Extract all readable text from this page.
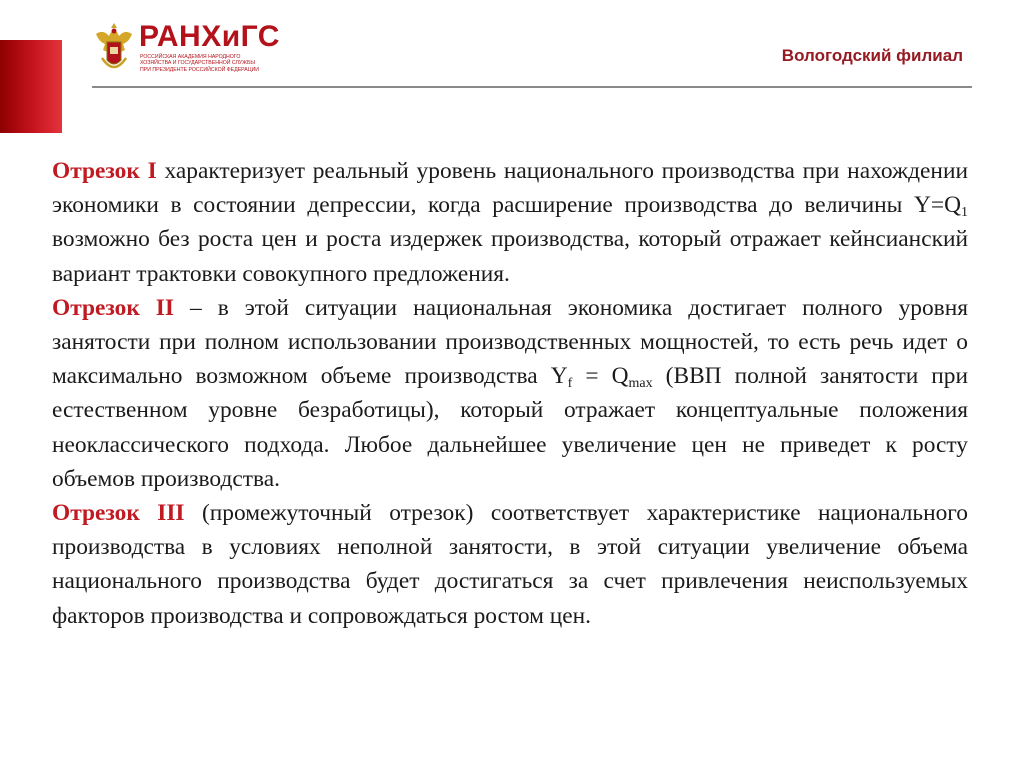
РАНХиГС
РОССИЙСКАЯ АКАДЕМИЯ НАРОДНОГО ХОЗЯЙСТВА И ГОСУДАРСТВЕННОЙ СЛУЖБЫ ПРИ ПРЕЗИДЕНТЕ РОССИЙСКОЙ ФЕДЕРАЦИИ
Вологодский филиал

Отрезок I характеризует реальный уровень национального производства при нахождении экономики в состоянии депрессии, когда расширение производства до величины $Y=Q_1$ возможно без роста цен и роста издержек производства, который отражает кейнсианский вариант трактовки совокупного предложения.

Отрезок II – в этой ситуации национальная экономика достигает полного уровня занятости при полном использовании производственных мощностей, то есть речь идет о максимально возможном объеме производства $Y_f = Q_{max}$ (ВВП полной занятости при естественном уровне безработицы), который отражает концептуальные положения неоклассического подхода. Любое дальнейшее увеличение цен не приведет к росту объемов производства.

Отрезок III (промежуточный отрезок) соответствует характеристике национального производства в условиях неполной занятости, в этой ситуации увеличение объема национального производства будет достигаться за счет привлечения неиспользуемых факторов производства и сопровождаться ростом цен.
